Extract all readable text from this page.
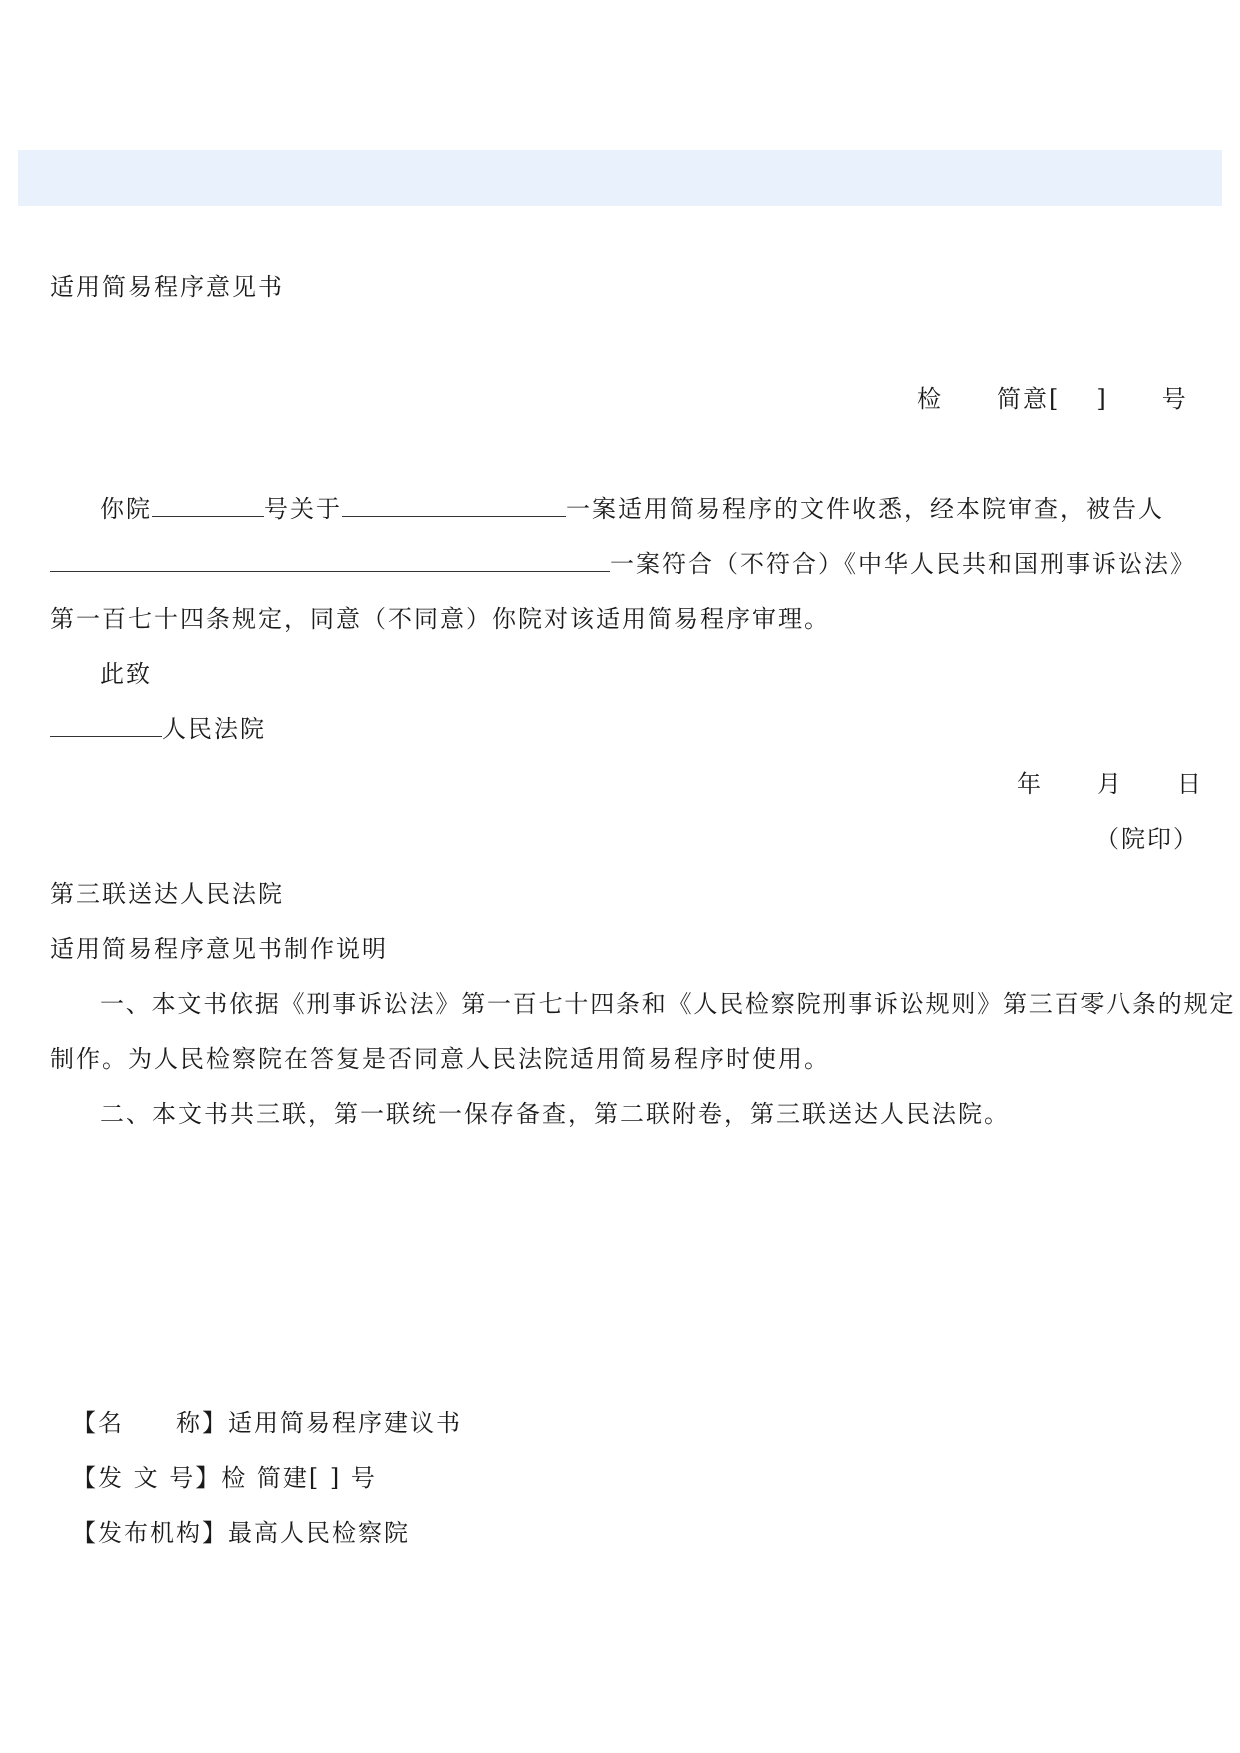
适用简易程序意见书
检 简意[ ] 号
你院	号关于	一案适用简易程序的文件收悉，经本院审查，被告人
一案符合（不符合）《中华人民共和国刑事诉讼法》
第一百七十四条规定，同意（不同意）你院对该适用简易程序审理。
此致
人民法院
年 月 日
（院印）
第三联送达人民法院
适用简易程序意见书制作说明
一、本文书依据《刑事诉讼法》第一百七十四条和《人民检察院刑事诉讼规则》第三百零八条的规定
制作。为人民检察院在答复是否同意人民法院适用简易程序时使用。
二、本文书共三联，第一联统一保存备查，第二联附卷，第三联送达人民法院。
【名　　称】适用简易程序建议书
【发 文 号】检 简建[ ] 号
【发布机构】最高人民检察院
